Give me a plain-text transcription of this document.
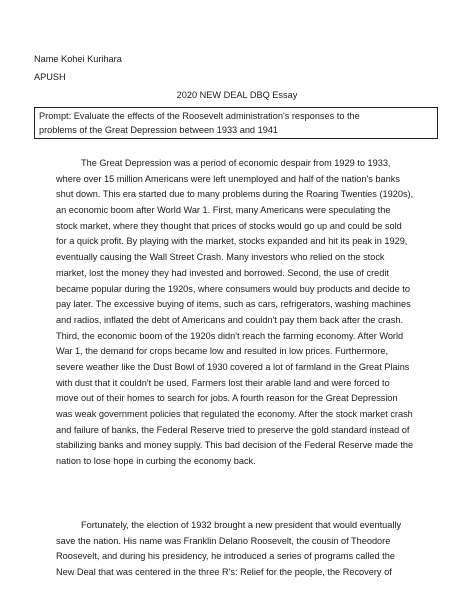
Name Kohei Kurihara
APUSH
2020 NEW DEAL DBQ Essay
Prompt: Evaluate the effects of the Roosevelt administration's responses to the
problems of the Great Depression between 1933 and 1941
The Great Depression was a period of economic despair from 1929 to 1933,
where over 15 million Americans were left unemployed and half of the nation's banks
shut down. This era started due to many problems during the Roaring Twenties (1920s),
an economic boom after World War 1. First, many Americans were speculating the
stock market, where they thought that prices of stocks would go up and could be sold
for a quick profit. By playing with the market, stocks expanded and hit its peak in 1929,
eventually causing the Wall Street Crash. Many investors who relied on the stock
market, lost the money they had invested and borrowed. Second, the use of credit
became popular during the 1920s, where consumers would buy products and decide to
pay later. The excessive buying of items, such as cars, refrigerators, washing machines
and radios, inflated the debt of Americans and couldn't pay them back after the crash.
Third, the economic boom of the 1920s didn't reach the farming economy. After World
War 1, the demand for crops became low and resulted in low prices. Furthermore,
severe weather like the Dust Bowl of 1930 covered a lot of farmland in the Great Plains
with dust that it couldn't be used. Farmers lost their arable land and were forced to
move out of their homes to search for jobs. A fourth reason for the Great Depression
was weak government policies that regulated the economy. After the stock market crash
and failure of banks, the Federal Reserve tried to preserve the gold standard instead of
stabilizing banks and money supply. This bad decision of the Federal Reserve made the
nation to lose hope in curbing the economy back.
Fortunately, the election of 1932 brought a new president that would eventually
save the nation. His name was Franklin Delano Roosevelt, the cousin of Theodore
Roosevelt, and during his presidency, he introduced a series of programs called the
New Deal that was centered in the three R's: Relief for the people, the Recovery of
